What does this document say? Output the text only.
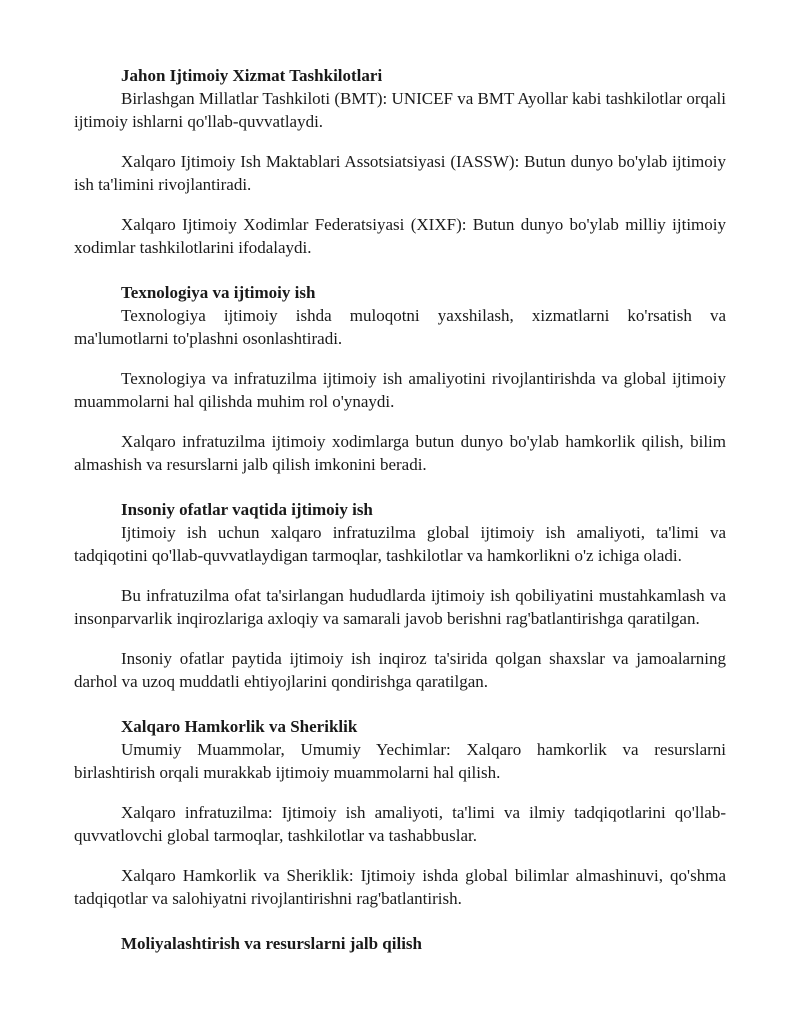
Jahon Ijtimoiy Xizmat Tashkilotlari

Birlashgan Millatlar Tashkiloti (BMT): UNICEF va BMT Ayollar kabi tashkilotlar orqali ijtimoiy ishlarni qo'llab-quvvatlaydi.

Xalqaro Ijtimoiy Ish Maktablari Assotsiatsiyasi (IASSW): Butun dunyo bo'ylab ijtimoiy ish ta'limini rivojlantiradi.

Xalqaro Ijtimoiy Xodimlar Federatsiyasi (XIXF): Butun dunyo bo'ylab milliy ijtimoiy xodimlar tashkilotlarini ifodalaydi.

Texnologiya va ijtimoiy ish

Texnologiya ijtimoiy ishda muloqotni yaxshilash, xizmatlarni ko'rsatish va ma'lumotlarni to'plashni osonlashtiradi.

Texnologiya va infratuzilma ijtimoiy ish amaliyotini rivojlantirishda va global ijtimoiy muammolarni hal qilishda muhim rol o'ynaydi.

Xalqaro infratuzilma ijtimoiy xodimlarga butun dunyo bo'ylab hamkorlik qilish, bilim almashish va resurslarni jalb qilish imkonini beradi.

Insoniy ofatlar vaqtida ijtimoiy ish

Ijtimoiy ish uchun xalqaro infratuzilma global ijtimoiy ish amaliyoti, ta'limi va tadqiqotini qo'llab-quvvatlaydigan tarmoqlar, tashkilotlar va hamkorlikni o'z ichiga oladi.

Bu infratuzilma ofat ta'sirlangan hududlarda ijtimoiy ish qobiliyatini mustahkamlash va insonparvarlik inqirozlariga axloqiy va samarali javob berishni rag'batlantirishga qaratilgan.

Insoniy ofatlar paytida ijtimoiy ish inqiroz ta'sirida qolgan shaxslar va jamoalarning darhol va uzoq muddatli ehtiyojlarini qondirishga qaratilgan.

Xalqaro Hamkorlik va Sheriklik

Umumiy Muammolar, Umumiy Yechimlar: Xalqaro hamkorlik va resurslarni birlashtirish orqali murakkab ijtimoiy muammolarni hal qilish.

Xalqaro infratuzilma: Ijtimoiy ish amaliyoti, ta'limi va ilmiy tadqiqotlarini qo'llab-quvvatlovchi global tarmoqlar, tashkilotlar va tashabbuslar.

Xalqaro Hamkorlik va Sheriklik: Ijtimoiy ishda global bilimlar almashinuvi, qo'shma tadqiqotlar va salohiyatni rivojlantirishni rag'batlantirish.

Moliyalashtirish va resurslarni jalb qilish
